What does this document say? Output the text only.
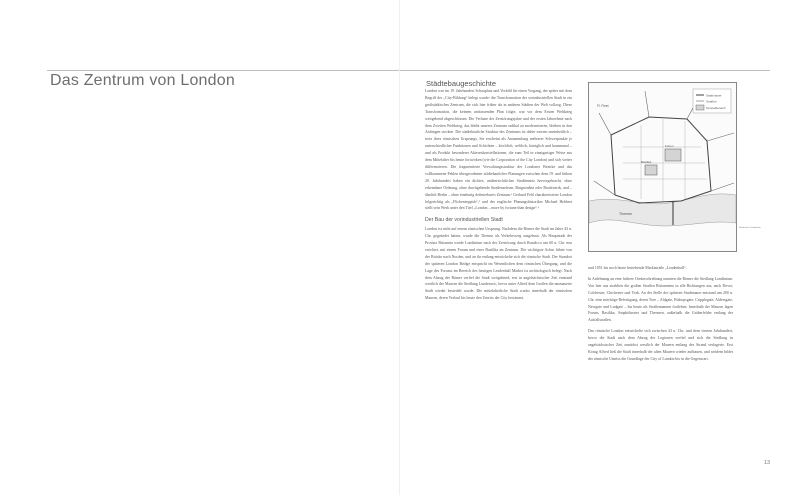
Das Zentrum von London	Städtebaugeschichte

London war im 19. Jahrhundert Schauplatz und Vorbild für einen Vorgang, der später mit dem Begriff der „City-Bildung“ belegt wurde: die Transformation der vorindustriellen Stadt in ein großstädtisches Zentrum, die sich hier früher als in anderen Städten der Welt vollzog. Diese Transformation, die keinem umfassenden Plan folgte, war vor dem Ersten Weltkrieg weitgehend abgeschlossen. Die Verluste der Zerstörungsjahre und der ersten Jahrzehnte nach dem Zweiten Weltkrieg, das bleibt unseres Zentrum radikal zu modernisieren, blieben in den Anfängen stecken. Die städtebauliche Struktur des Zentrums ist daher extrem uneinheitlich – trotz ihres römischen Ursprungs. Sie erscheint als Ansammlung mehrerer Schwerpunkte je unterschiedlicher Funktionen und Schichten – kirchlich, weltlich, königlich und kommunal – und als Produkt besonderer Akteurskonstellationen, die zum Teil in einzigartiger Weise aus dem Mittelalter bis heute fortwirken (wie die Corporation of the City London) und sich weiter differenzieren. Die fragmentierte Verwaltungsstruktur der Londoner Bezirke und das vollkommene Fehlen übergeordneter städtebaulicher Planungen zwischen dem 19. und frühen 20. Jahrhundert haben ein dichtes, unübersichtliches Straßennetz hervorgebracht, ohne erkennbare Ordnung, ohne durchgehende Straßenachsen, Ringstraßen oder Boulevards, und – ähnlich Berlin – ohne eindeutig definierbares Zentrum.¹ Gerhard Fehl charakterisierte London folgerichtig als „Flickenteppich“,² und der englische Planungshistoriker Michael Hebbert stellt sein Werk unter den Titel „London – more by fortune than design“.³

Der Bau der vorindustriellen Stadt

London ist nicht auf einem römischen Ursprung. Nachdem die Römer die Stadt im Jahre 43 n. Chr. gegründet hatten, wurde die Themse als Verkehrsweg ausgebaut. Als Hauptstadt der Provinz Britannia wurde Londinium nach der Zerstörung durch Boudicca um 60 n. Chr. neu errichtet, mit einem Forum und einer Basilika im Zentrum. Die wichtigste Achse führte von der Brücke nach Norden, und an ihr entlang entwickelte sich die römische Stadt. Der Standort der späteren London Bridge entspricht im Wesentlichen dem römischen Übergang, und die Lage des Forums im Bereich des heutigen Leadenhall Market ist archäologisch belegt. Nach dem Abzug der Römer verfiel die Stadt weitgehend; erst in angelsächsischer Zeit entstand westlich der Mauern die Siedlung Lundenwic, bevor unter Alfred dem Großen die ummauerte Stadt wieder besiedelt wurde. Die mittelalterliche Stadt wuchs innerhalb der römischen Mauern, deren Verlauf bis heute den Umriss der City bestimmt.

Stadtmauer
Straßen
Tempelbereich
Fl. Fleet
Themse
Forum
Basilika
Römisches Londinium

und 1851 bis noch heute bestehende Marktstraße „Leadenhall“.

In Anlehnung an eine frühere Ortsbeschreibung nannten die Römer die Siedlung Londinium. Von hier aus strahlten die großen Straßen Britanniens in alle Richtungen aus, nach Dover, Colchester, Chichester und York. An der Stelle der späteren Stadtmauer entstand um 200 n. Chr. eine mächtige Befestigung, deren Tore – Aldgate, Bishopsgate, Cripplegate, Aldersgate, Newgate und Ludgate – bis heute als Straßennamen fortleben. Innerhalb der Mauern lagen Forum, Basilika, Amphitheater und Thermen, außerhalb die Gräberfelder entlang der Ausfallstraßen.

Das römische London entwickelte sich zwischen 43 n. Chr. und dem vierten Jahrhundert, bevor die Stadt nach dem Abzug der Legionen verfiel und sich die Siedlung in angelsächsischer Zeit zunächst westlich der Mauern entlang des Strand verlagerte. Erst König Alfred ließ die Stadt innerhalb der alten Mauern wieder aufbauen, und seitdem bildet der römische Umriss die Grundlage der City of London bis in die Gegenwart.

13
